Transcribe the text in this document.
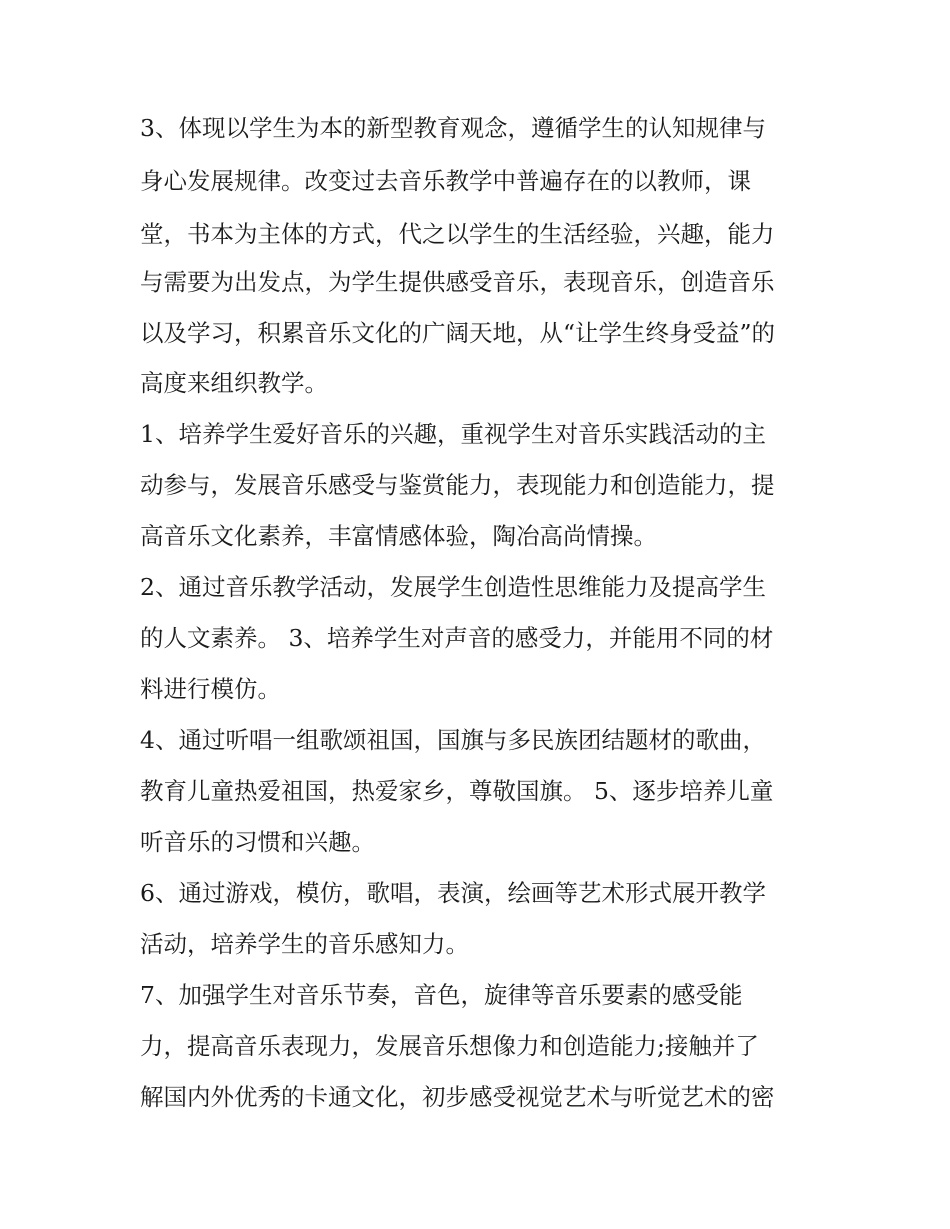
3、体现以学生为本的新型教育观念，遵循学生的认知规律与
身心发展规律。改变过去音乐教学中普遍存在的以教师，课
堂，书本为主体的方式，代之以学生的生活经验，兴趣，能力
与需要为出发点，为学生提供感受音乐，表现音乐，创造音乐
以及学习，积累音乐文化的广阔天地，从“让学生终身受益”的
高度来组织教学。
1、培养学生爱好音乐的兴趣，重视学生对音乐实践活动的主
动参与，发展音乐感受与鉴赏能力，表现能力和创造能力，提
高音乐文化素养，丰富情感体验，陶冶高尚情操。
2、通过音乐教学活动，发展学生创造性思维能力及提高学生
的人文素养。 3、培养学生对声音的感受力，并能用不同的材
料进行模仿。
4、通过听唱一组歌颂祖国，国旗与多民族团结题材的歌曲，
教育儿童热爱祖国，热爱家乡，尊敬国旗。 5、逐步培养儿童
听音乐的习惯和兴趣。
6、通过游戏，模仿，歌唱，表演，绘画等艺术形式展开教学
活动，培养学生的音乐感知力。
7、加强学生对音乐节奏，音色，旋律等音乐要素的感受能
力，提高音乐表现力，发展音乐想像力和创造能力;接触并了
解国内外优秀的卡通文化，初步感受视觉艺术与听觉艺术的密
